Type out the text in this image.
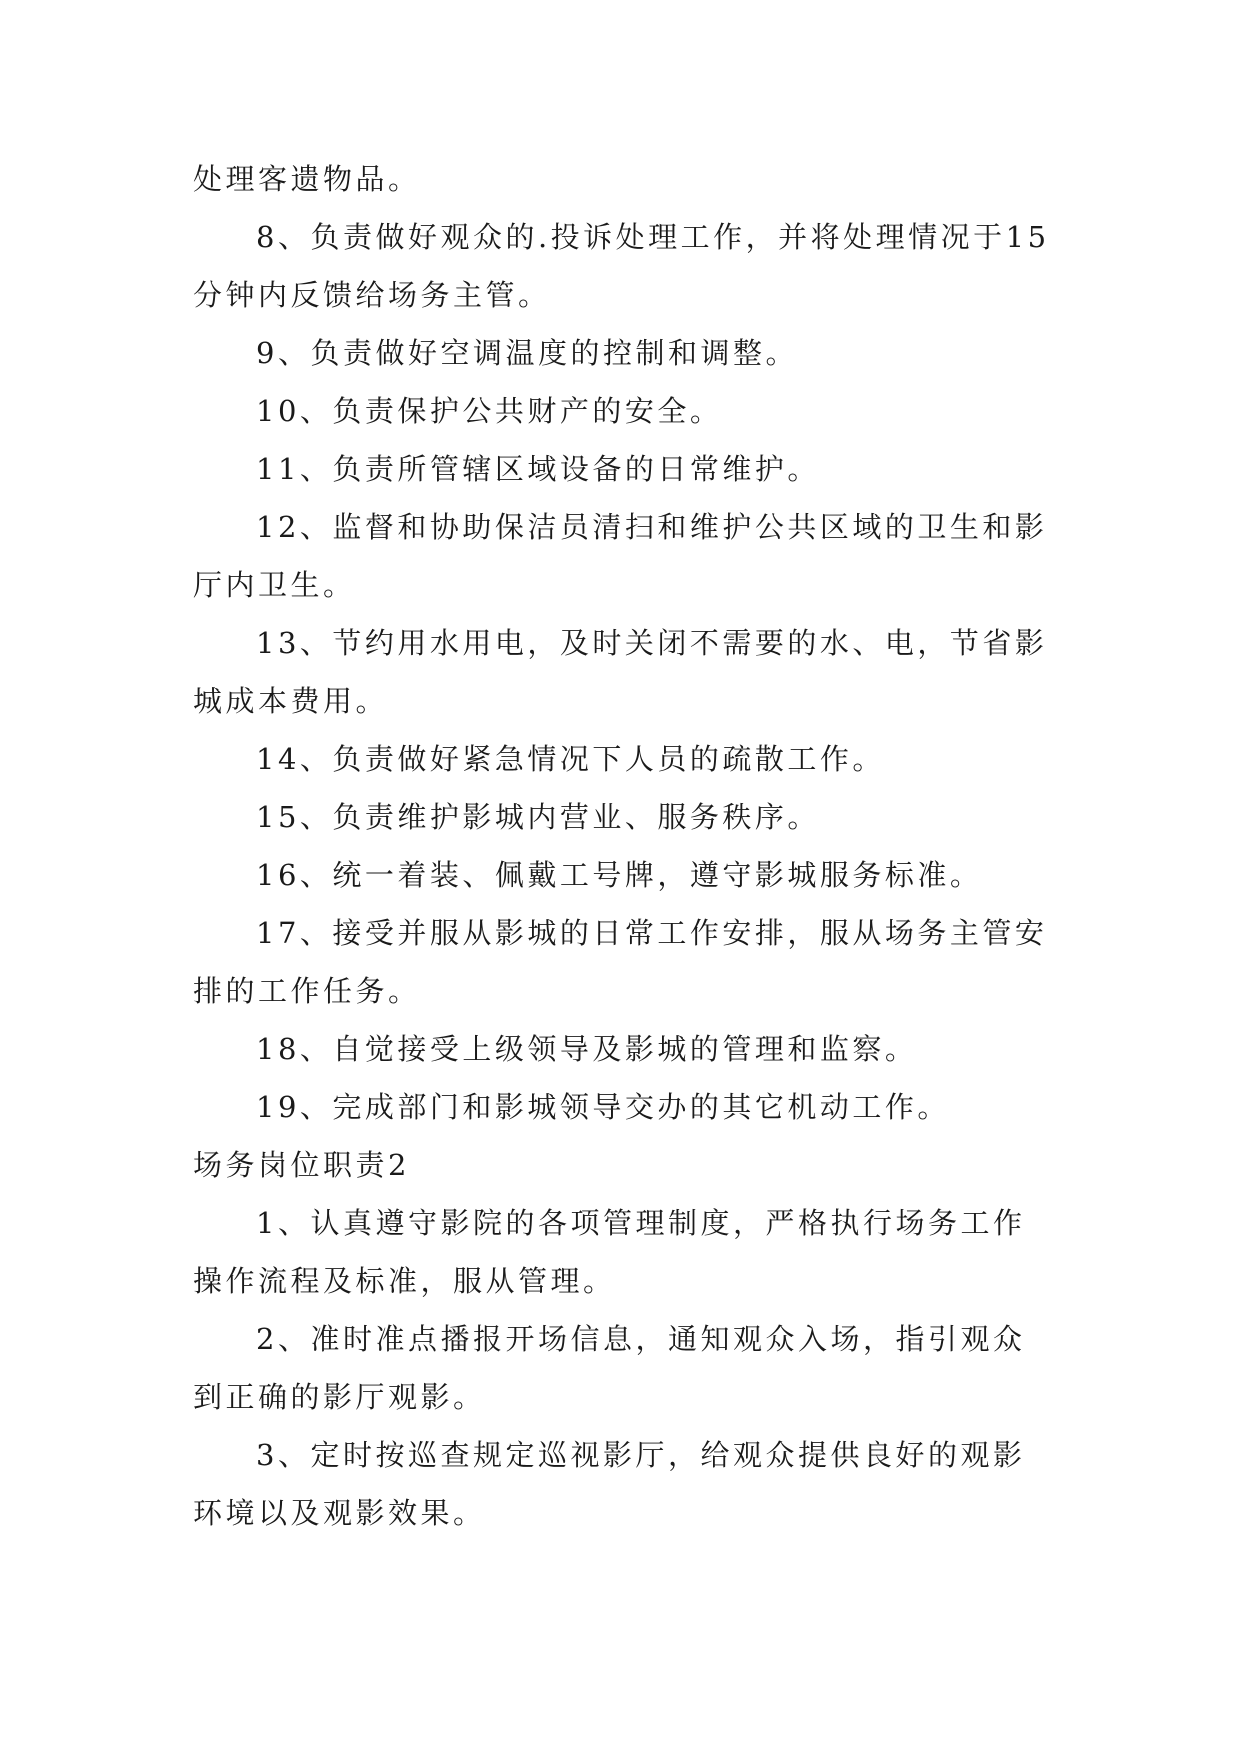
处理客遗物品。
8、负责做好观众的.投诉处理工作，并将处理情况于15
分钟内反馈给场务主管。
9、负责做好空调温度的控制和调整。
10、负责保护公共财产的安全。
11、负责所管辖区域设备的日常维护。
12、监督和协助保洁员清扫和维护公共区域的卫生和影
厅内卫生。
13、节约用水用电，及时关闭不需要的水、电，节省影
城成本费用。
14、负责做好紧急情况下人员的疏散工作。
15、负责维护影城内营业、服务秩序。
16、统一着装、佩戴工号牌，遵守影城服务标准。
17、接受并服从影城的日常工作安排，服从场务主管安
排的工作任务。
18、自觉接受上级领导及影城的管理和监察。
19、完成部门和影城领导交办的其它机动工作。
场务岗位职责2
1、认真遵守影院的各项管理制度，严格执行场务工作
操作流程及标准，服从管理。
2、准时准点播报开场信息，通知观众入场，指引观众
到正确的影厅观影。
3、定时按巡查规定巡视影厅，给观众提供良好的观影
环境以及观影效果。
